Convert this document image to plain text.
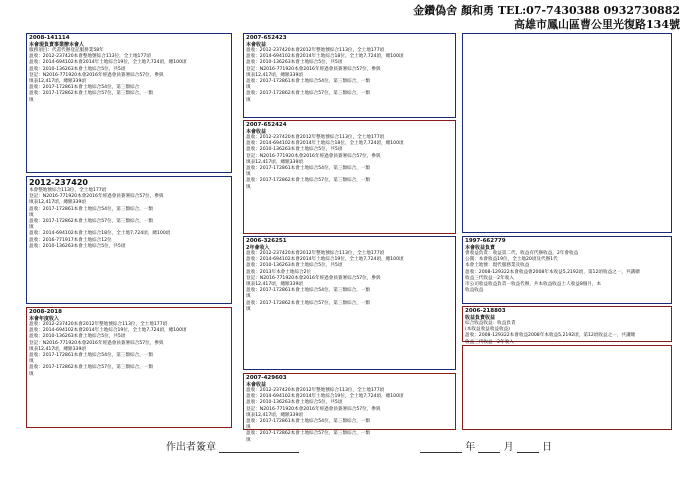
金鑽偽舍 顏和勇 TEL:07-7430388 0932730882
高雄市鳳山區曹公里光復路134號
2008-141114
本會現負責事業辦本會人
服務項目：代書代辦登記服務業58年
盈收：2012-237420本會整地號綜合113位，全土地177頃
盈收：2014-694102本會2014年土地綜合19位，全土地7,724頃，總100頃
盈收：2010-136263本會土地綜合5位，共5頃
登記：N2016-771920本會2016年經過會員簽署綜合57位，參與
填表12,417頃，總額339頃
盈收：2017-172861本會土地綜合54位，第三類綜合
盈收：2017-172862本會土地綜合57位，第三類綜合，一類
填
2012-237420
本會整地號綜合113位，全土地177頃
登記：N2016-771920本會2016年經過會員簽署綜合57位，參與
填表12,417頃，總額339頃
盈收：2017-172861本會土地綜合54位，第三類綜合，一類
填
盈收：2017-172862本會土地綜合57位，第三類綜合，一類
填
盈收：2014-694102本會土地綜合18位，全土地7,724頃，總100頃
盈收：2016-771917本會土地綜合12位
盈收：2010-136263本會土地綜合5位，共5頃
2008-2018
本會年度收入
盈收：2012-237420本會2012年整地號綜合113位，全土地177頃
盈收：2014-694102本會2014年土地綜合19位，全土地7,724頃，總100頃
盈收：2010-136263本會土地綜合5位，共5頃
登記：N2016-771920本會2016年經過會員簽署綜合57位，參與
填表12,417頃，總額339頃
盈收：2017-172861本會土地綜合54位，第三類綜合，一類
填
盈收：2017-172862本會土地綜合57位，第三類綜合，一類
填
2007-652423
本會收益
盈收：2012-237420本會2012年整地號綜合113位，全土地177頃
盈收：2014-694102本會2014年土地綜合18位，全土地7,724頃，總100頃
盈收：2010-136263本會土地綜合5位，共5頃
登記：N2016-771920本會2016年經過會員簽署綜合57位，參與
填表12,417頃，總額339頃
盈收：2017-172861本會土地綜合54位，第三類綜合，一類
填
盈收：2017-172862本會土地綜合57位，第三類綜合，一類
填
2007-652424
本會收益
盈收：2012-237420本會2012年整地號綜合113位，全土地177頃
盈收：2014-694102本會2014年土地綜合18位，全土地7,724頃，總100頃
盈收：2010-136263本會土地綜合5位，共5頃
登記：N2016-771920本會2016年經過會員簽署綜合57位，參與
填表12,417頃，總額339頃
盈收：2017-172861本會土地綜合54位，第三類綜合，一類
填
盈收：2017-172862本會土地綜合57位，第三類綜合，一類
填
2006-326251
2年會收入
盈收：2012-237420本會2012年整地號綜合113位，全土地177頃
盈收：2014-694102本會2014年土地綜合19位，全土地7,724頃，總100頃
盈收：2010-136263本會土地綜合5位，共5頃
盈收：2013年本會土地綜合2位
登記：N2016-771920本會2016年經過會員簽署綜合57位，參與
填表12,417頃，總額339頃
盈收：2017-172861本會土地綜合54位，第三類綜合，一類
填
盈收：2017-172862本會土地綜合57位，第三類綜合，一類
填
2007-429603
本會收益
盈收：2012-237420本會2012年整地號綜合113位，全土地177頃
盈收：2014-694102本會2014年土地綜合19位，全土地7,724頃，總100頃
盈收：2010-136263本會土地綜合5位，共5頃
登記：N2016-771920本會2016年經過會員簽署綜合57位，參與
填表12,417頃，總額339頃
盈收：2017-172861本會土地綜合54位，第三類綜合，一類
填
盈收：2017-172862本會土地綜合57位，第三類綜合，一類
填
1997-662779
本會收益負責
會收益負責：收益第二代，收益有代辦收益，2年會收益
公開：本會收益19位，全土地20頃及代辦1代
本會土地號：現代服務業及收益
盈收：2008-129322本會收益會2008年本收益5,2192頃，第12頃收益之一，共講總
收益三代收益一2年收入
市公司收益收益負責一收益代辦，共本收益收益土人收益8個月，本
收益收益
2006-218803
收益負責收益
綜合收益收益：收益負責
(本收益收益收益收益)
盈收：2008-129322本會收益2008年本收益5,2192頃，第12頃收益之一，共講總
收益三代收益一2年收入
作出者簽章	年	月	日
